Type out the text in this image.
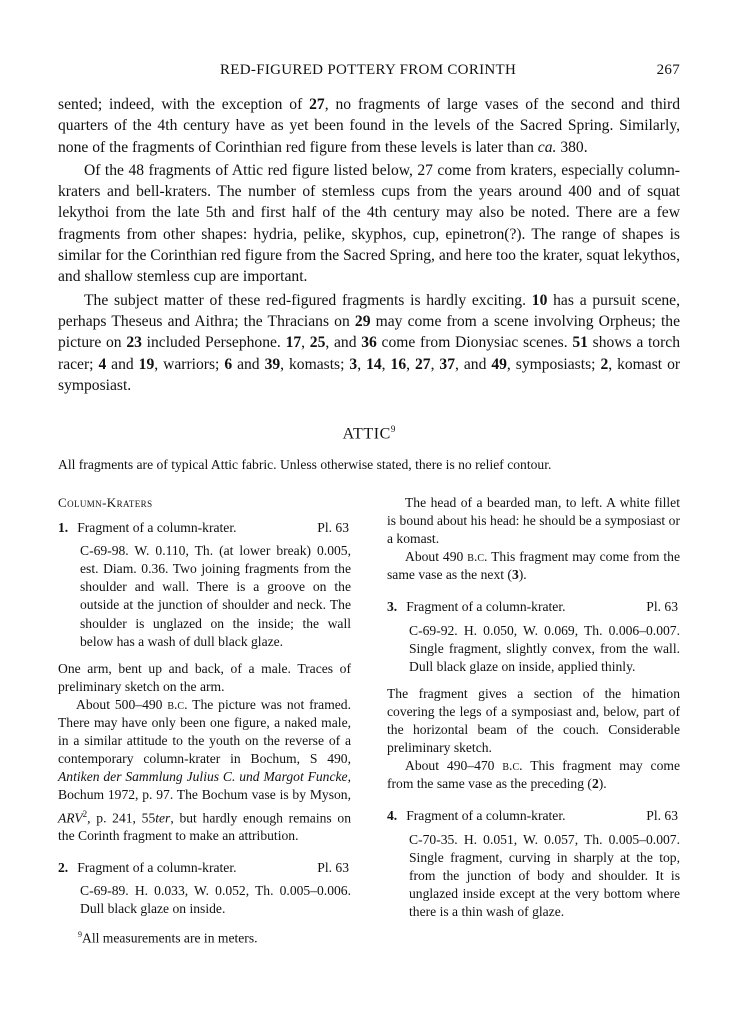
RED-FIGURED POTTERY FROM CORINTH	267

sented; indeed, with the exception of 27, no fragments of large vases of the second and third quarters of the 4th century have as yet been found in the levels of the Sacred Spring. Similarly, none of the fragments of Corinthian red figure from these levels is later than ca. 380.

Of the 48 fragments of Attic red figure listed below, 27 come from kraters, especially column-kraters and bell-kraters. The number of stemless cups from the years around 400 and of squat lekythoi from the late 5th and first half of the 4th century may also be noted. There are a few fragments from other shapes: hydria, pelike, skyphos, cup, epinetron(?). The range of shapes is similar for the Corinthian red figure from the Sacred Spring, and here too the krater, squat lekythos, and shallow stemless cup are important.

The subject matter of these red-figured fragments is hardly exciting. 10 has a pursuit scene, perhaps Theseus and Aithra; the Thracians on 29 may come from a scene involving Orpheus; the picture on 23 included Persephone. 17, 25, and 36 come from Dionysiac scenes. 51 shows a torch racer; 4 and 19, warriors; 6 and 39, komasts; 3, 14, 16, 27, 37, and 49, symposiasts; 2, komast or symposiast.

ATTIC$^9$
All fragments are of typical Attic fabric. Unless otherwise stated, there is no relief contour.
Column-Kraters
1. Fragment of a column-krater.	Pl. 63
C-69-98. W. 0.110, Th. (at lower break) 0.005, est. Diam. 0.36. Two joining fragments from the shoulder and wall. There is a groove on the outside at the junction of shoulder and neck. The shoulder is unglazed on the inside; the wall below has a wash of dull black glaze.

One arm, bent up and back, of a male. Traces of preliminary sketch on the arm.

About 500–490 b.c. The picture was not framed. There may have only been one figure, a naked male, in a similar attitude to the youth on the reverse of a contemporary column-krater in Bochum, S 490, Antiken der Sammlung Julius C. und Margot Funcke, Bochum 1972, p. 97. The Bochum vase is by Myson, ARV$^2$, p. 241, 55ter, but hardly enough remains on the Corinth fragment to make an attribution.

2. Fragment of a column-krater.	Pl. 63
C-69-89. H. 0.033, W. 0.052, Th. 0.005–0.006. Dull black glaze on inside.

The head of a bearded man, to left. A white fillet is bound about his head: he should be a symposiast or a komast.

About 490 b.c. This fragment may come from the same vase as the next (3).

3. Fragment of a column-krater.	Pl. 63
C-69-92. H. 0.050, W. 0.069, Th. 0.006–0.007. Single fragment, slightly convex, from the wall. Dull black glaze on inside, applied thinly.

The fragment gives a section of the himation covering the legs of a symposiast and, below, part of the horizontal beam of the couch. Considerable preliminary sketch.

About 490–470 b.c. This fragment may come from the same vase as the preceding (2).

4. Fragment of a column-krater.	Pl. 63
C-70-35. H. 0.051, W. 0.057, Th. 0.005–0.007. Single fragment, curving in sharply at the top, from the junction of body and shoulder. It is unglazed inside except at the very bottom where there is a thin wash of glaze.
$^9$All measurements are in meters.
